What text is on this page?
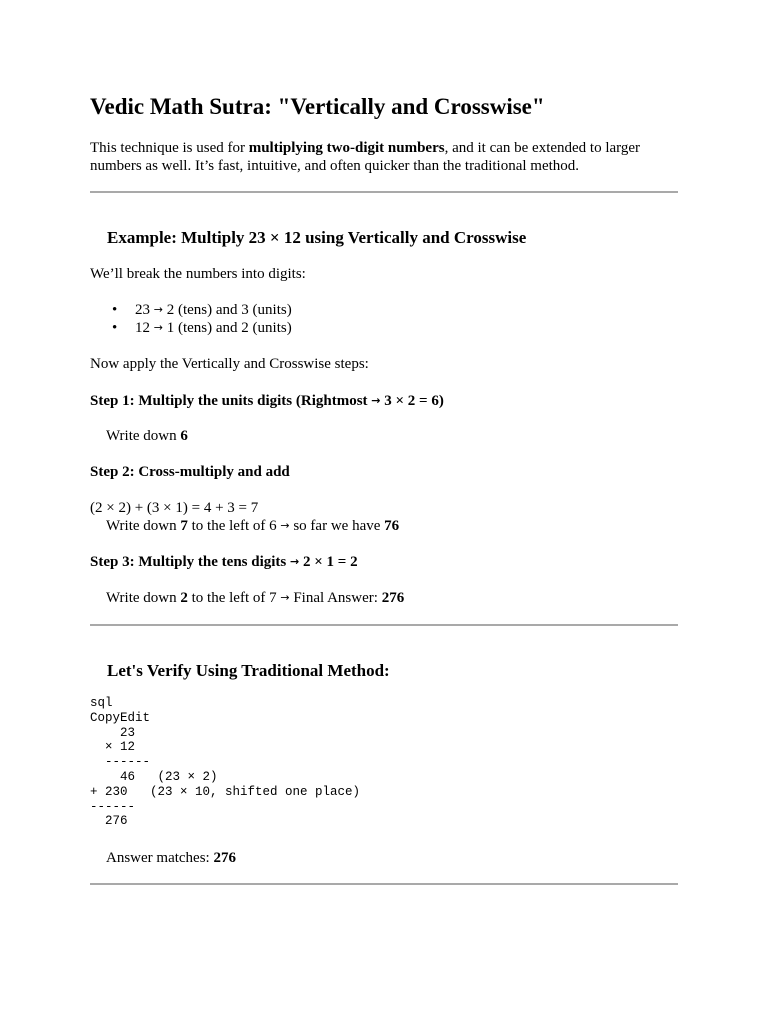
Vedic Math Sutra: "Vertically and Crosswise"

This technique is used for multiplying two-digit numbers, and it can be extended to larger
numbers as well. It’s fast, intuitive, and often quicker than the traditional method.

Example: Multiply 23 × 12 using Vertically and Crosswise

We’ll break the numbers into digits:

• 23 → 2 (tens) and 3 (units)
• 12 → 1 (tens) and 2 (units)

Now apply the Vertically and Crosswise steps:

Step 1: Multiply the units digits (Rightmost → 3 × 2 = 6)

Write down 6

Step 2: Cross-multiply and add

(2 × 2) + (3 × 1) = 4 + 3 = 7

Write down 7 to the left of 6 → so far we have 76

Step 3: Multiply the tens digits → 2 × 1 = 2

Write down 2 to the left of 7 → Final Answer: 276

Let's Verify Using Traditional Method:
sql
CopyEdit
23
× 12
------
46   (23 × 2)
+ 230   (23 × 10, shifted one place)
------
276

Answer matches: 276
